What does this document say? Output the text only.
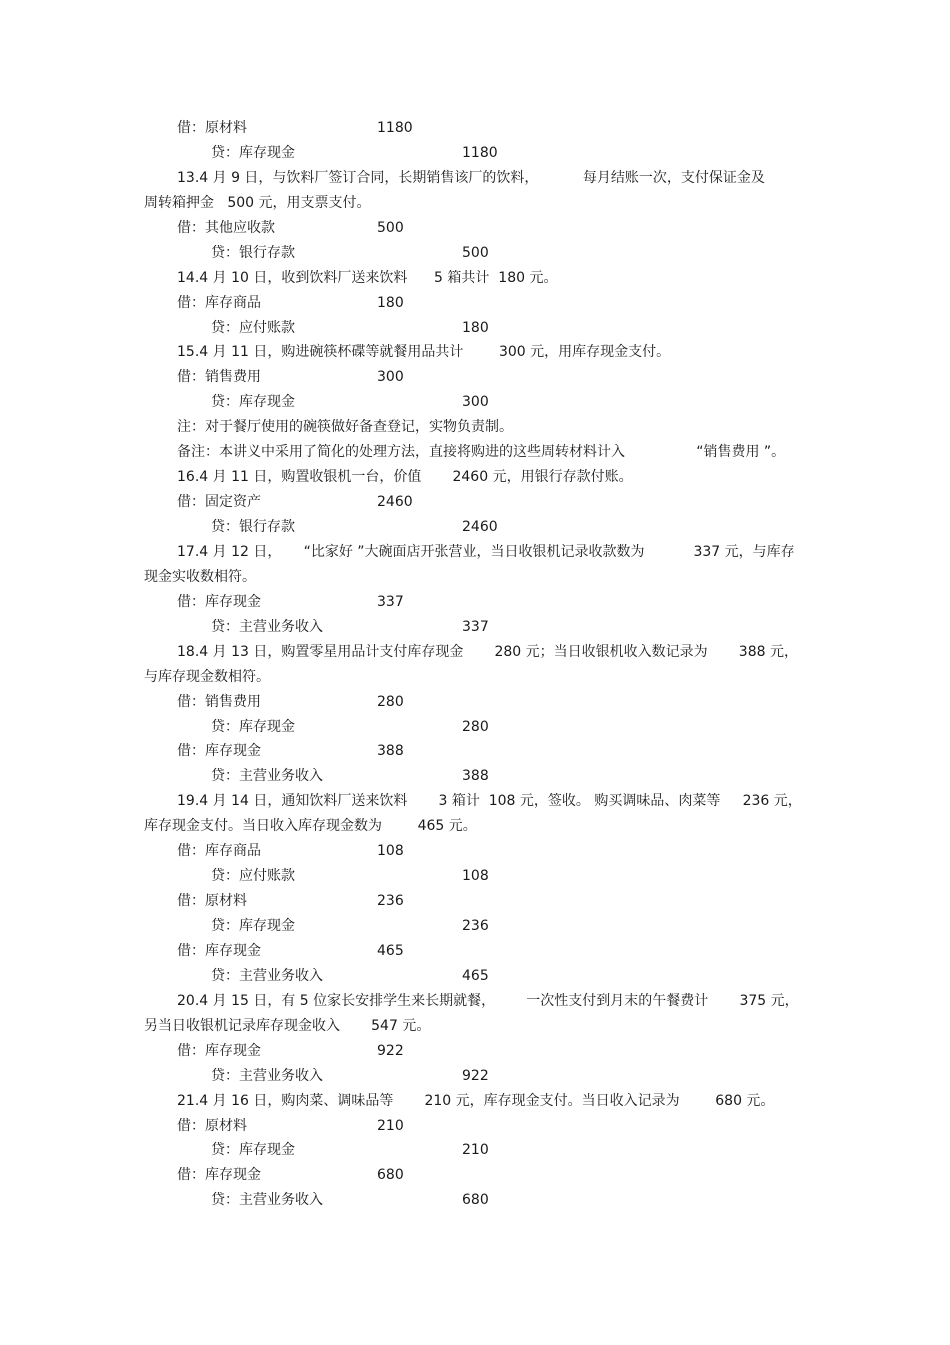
借：原材料	1180
贷：库存现金	1180
13.4 月 9 日，与饮料厂签订合同，长期销售该厂的饮料，          每月结账一次，支付保证金及
周转箱押金   500 元，用支票支付。
借：其他应收款	500
贷：银行存款	500
14.4 月 10 日，收到饮料厂送来饮料      5 箱共计  180 元。
借：库存商品	180
贷：应付账款	180
15.4 月 11 日，购进碗筷杯碟等就餐用品共计        300 元，用库存现金支付。
借：销售费用	300
贷：库存现金	300
注：对于餐厅使用的碗筷做好备查登记，实物负责制。
备注：本讲义中采用了简化的处理方法，直接将购进的这些周转材料计入                “销售费用 ”。
16.4 月 11 日，购置收银机一台，价值       2460 元，用银行存款付账。
借：固定资产	2460
贷：银行存款	2460
17.4 月 12 日，     “比家好 ”大碗面店开张营业，当日收银机记录收款数为           337 元，与库存
现金实收数相符。
借：库存现金	337
贷：主营业务收入	337
18.4 月 13 日，购置零星用品计支付库存现金       280 元；当日收银机收入数记录为       388 元，
与库存现金数相符。
借：销售费用	280
贷：库存现金	280
借：库存现金	388
贷：主营业务收入	388
19.4 月 14 日，通知饮料厂送来饮料       3 箱计  108 元，签收。 购买调味品、肉菜等     236 元，
库存现金支付。当日收入库存现金数为        465 元。
借：库存商品	108
贷：应付账款	108
借：原材料	236
贷：库存现金	236
借：库存现金	465
贷：主营业务收入	465
20.4 月 15 日，有 5 位家长安排学生来长期就餐，       一次性支付到月末的午餐费计       375 元，
另当日收银机记录库存现金收入       547 元。
借：库存现金	922
贷：主营业务收入	922
21.4 月 16 日，购肉菜、调味品等       210 元，库存现金支付。当日收入记录为        680 元。
借：原材料	210
贷：库存现金	210
借：库存现金	680
贷：主营业务收入	680
